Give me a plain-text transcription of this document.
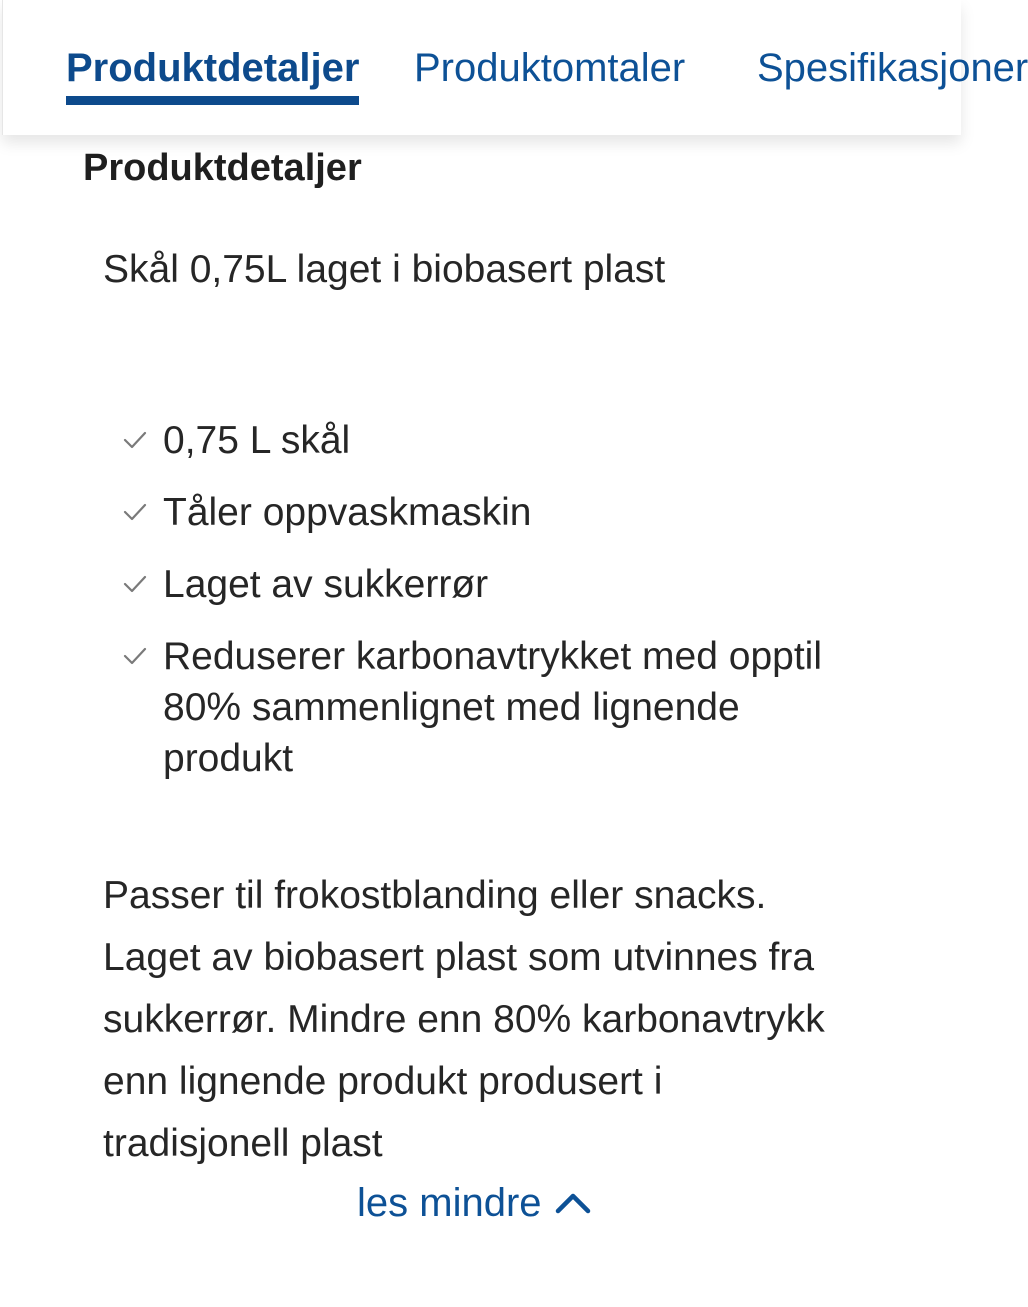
Produktdetaljer Produktomtaler Spesifikasjoner
Produktdetaljer
Skål 0,75L laget i biobasert plast
0,75 L skål
Tåler oppvaskmaskin
Laget av sukkerrør
Reduserer karbonavtrykket med opptil 80% sammenlignet med lignende produkt

Passer til frokostblanding eller snacks.
Laget av biobasert plast som utvinnes fra
sukkerrør. Mindre enn 80% karbonavtrykk
enn lignende produkt produsert i
tradisjonell plast

les mindre
